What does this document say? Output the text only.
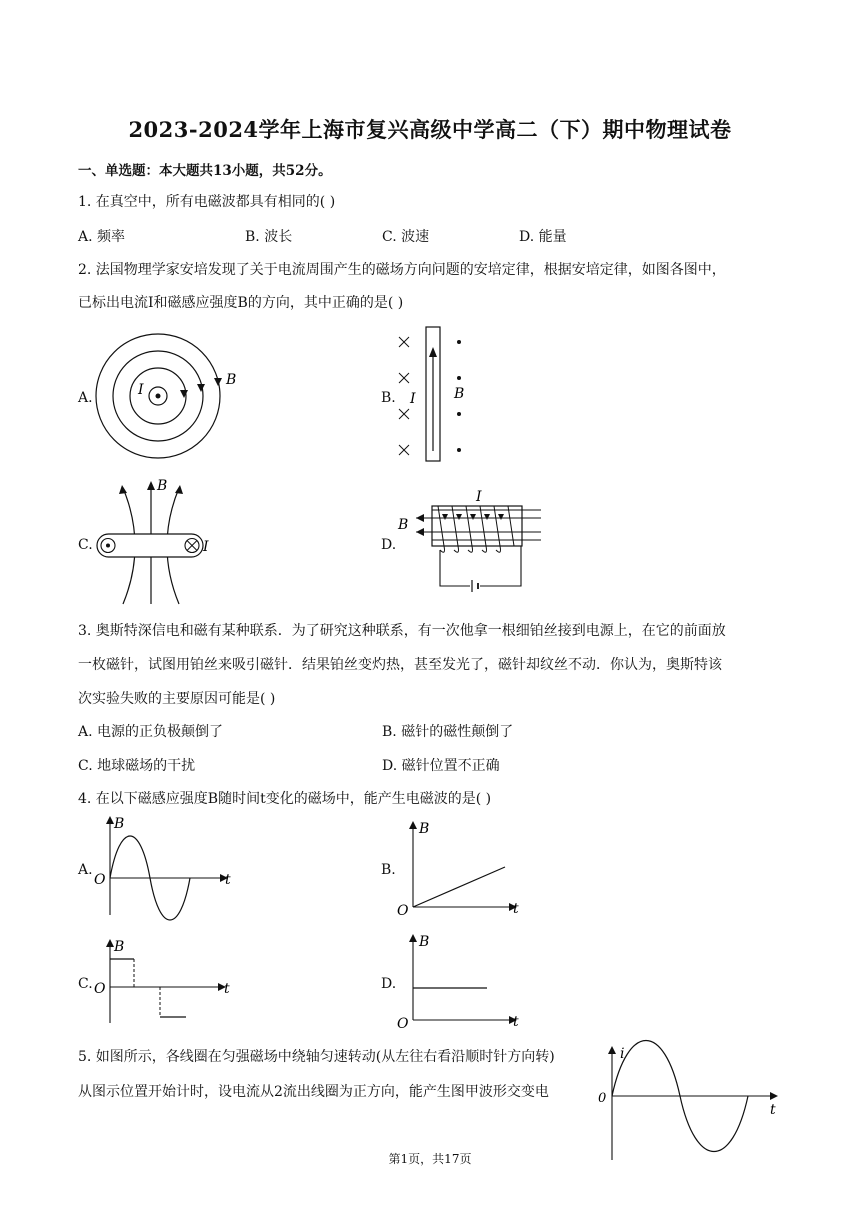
2023-2024学年上海市复兴高级中学高二（下）期中物理试卷
一、单选题：本大题共13小题，共52分。
1. 在真空中，所有电磁波都具有相同的( )
A. 频率	B. 波长	C. 波速	D. 能量
2. 法国物理学家安培发现了关于电流周围产生的磁场方向问题的安培定律，根据安培定律，如图各图中，
已标出电流I和磁感应强度B的方向，其中正确的是( )
A.	I
B
B. I	B
C.
B
I	D.
I
B
3. 奥斯特深信电和磁有某种联系．为了研究这种联系，有一次他拿一根细铂丝接到电源上，在它的前面放
一枚磁针，试图用铂丝来吸引磁针．结果铂丝变灼热，甚至发光了，磁针却纹丝不动．你认为，奥斯特该
次实验失败的主要原因可能是( )
A. 电源的正负极颠倒了	B. 磁针的磁性颠倒了
C. 地球磁场的干扰	D. 磁针位置不正确
4. 在以下磁感应强度B随时间t变化的磁场中，能产生电磁波的是( )
A.
B
t
O
B.
B
t
O
C.
B
t
O	D.
B
t
O
5. 如图所示，各线圈在匀强磁场中绕轴匀速转动(从左往右看沿顺时针方向转)
从图示位置开始计时，设电流从2流出线圈为正方向，能产生图甲波形交变电
i
t
0
第1页，共17页
